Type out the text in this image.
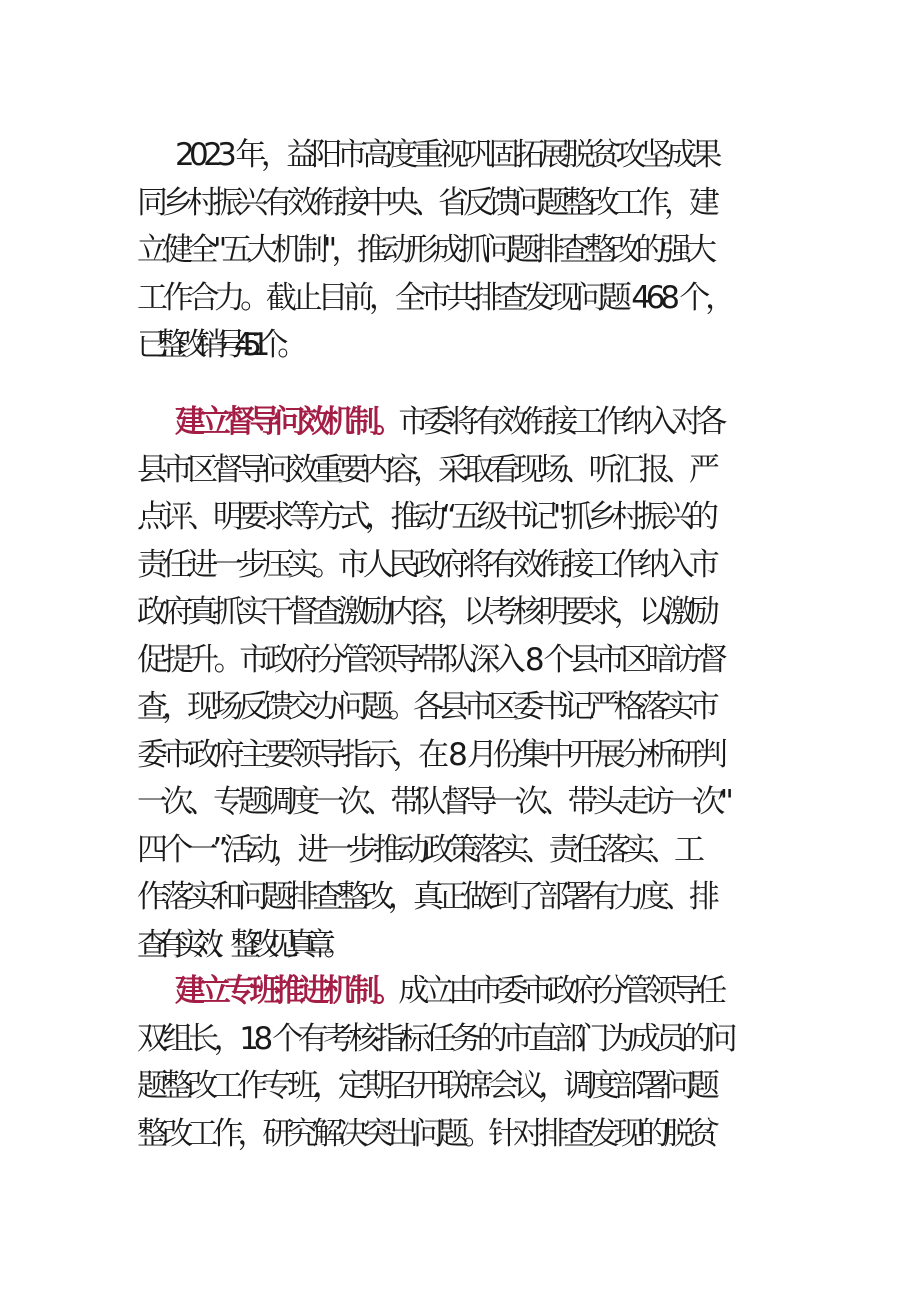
2023 年，益阳市高度重视巩固拓展脱贫攻坚成果
同乡村振兴有效衔接中央、省反馈问题整改工作，建
立健全"五大机制"，推动形成抓问题排查整改的强大
工作合力。截止目前，全市共排查发现问题 468 个，
已整改销号 451 个。
建立督导问效机制。市委将有效衔接工作纳入对各
县市区督导问效重要内容，采取看现场、听汇报、严
点评、明要求等方式，推动“五级书记"抓乡村振兴的
责任进一步压实。市人民政府将有效衔接工作纳入市
政府真抓实干督查激励内容，以考核明要求，以激励
促提升。市政府分管领导带队深入 8 个县市区暗访督
查，现场反馈交办问题。各县市区委书记严格落实市
委市政府主要领导指示，在 8 月份集中开展分析研判
一次、专题调度一次、带队督导一次、带头走访一次"
四个一”活动，进一步推动政策落实、责任落实、工
作落实和问题排查整改，真正做到了部署有力度、排
查有实效、整改见真章。
建立专班推进机制。成立由市委市政府分管领导任
双组长，18 个有考核指标任务的市直部门为成员的问
题整改工作专班，定期召开联席会议，调度部署问题
整改工作，研究解决突出问题。针对排查发现的脱贫
